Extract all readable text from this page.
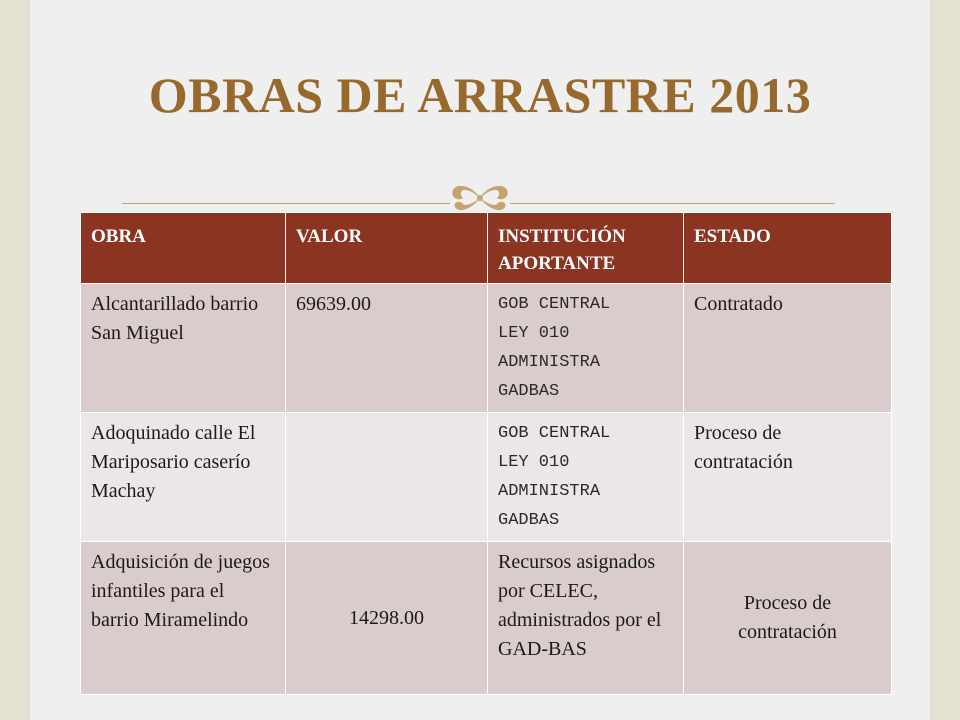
OBRAS DE ARRASTRE 2013
OBRA	VALOR	INSTITUCIÓN APORTANTE	ESTADO
Alcantarillado barrio San Miguel	69639.00	GOB CENTRAL
LEY 010
ADMINISTRA
GADBAS	Contratado
Adoquinado calle El Mariposario caserío Machay		GOB CENTRAL
LEY 010
ADMINISTRA
GADBAS	Proceso de contratación
Adquisición de juegos infantiles para el barrio Miramelindo	14298.00	Recursos asignados por CELEC, administrados por el GAD-BAS	Proceso de contratación
